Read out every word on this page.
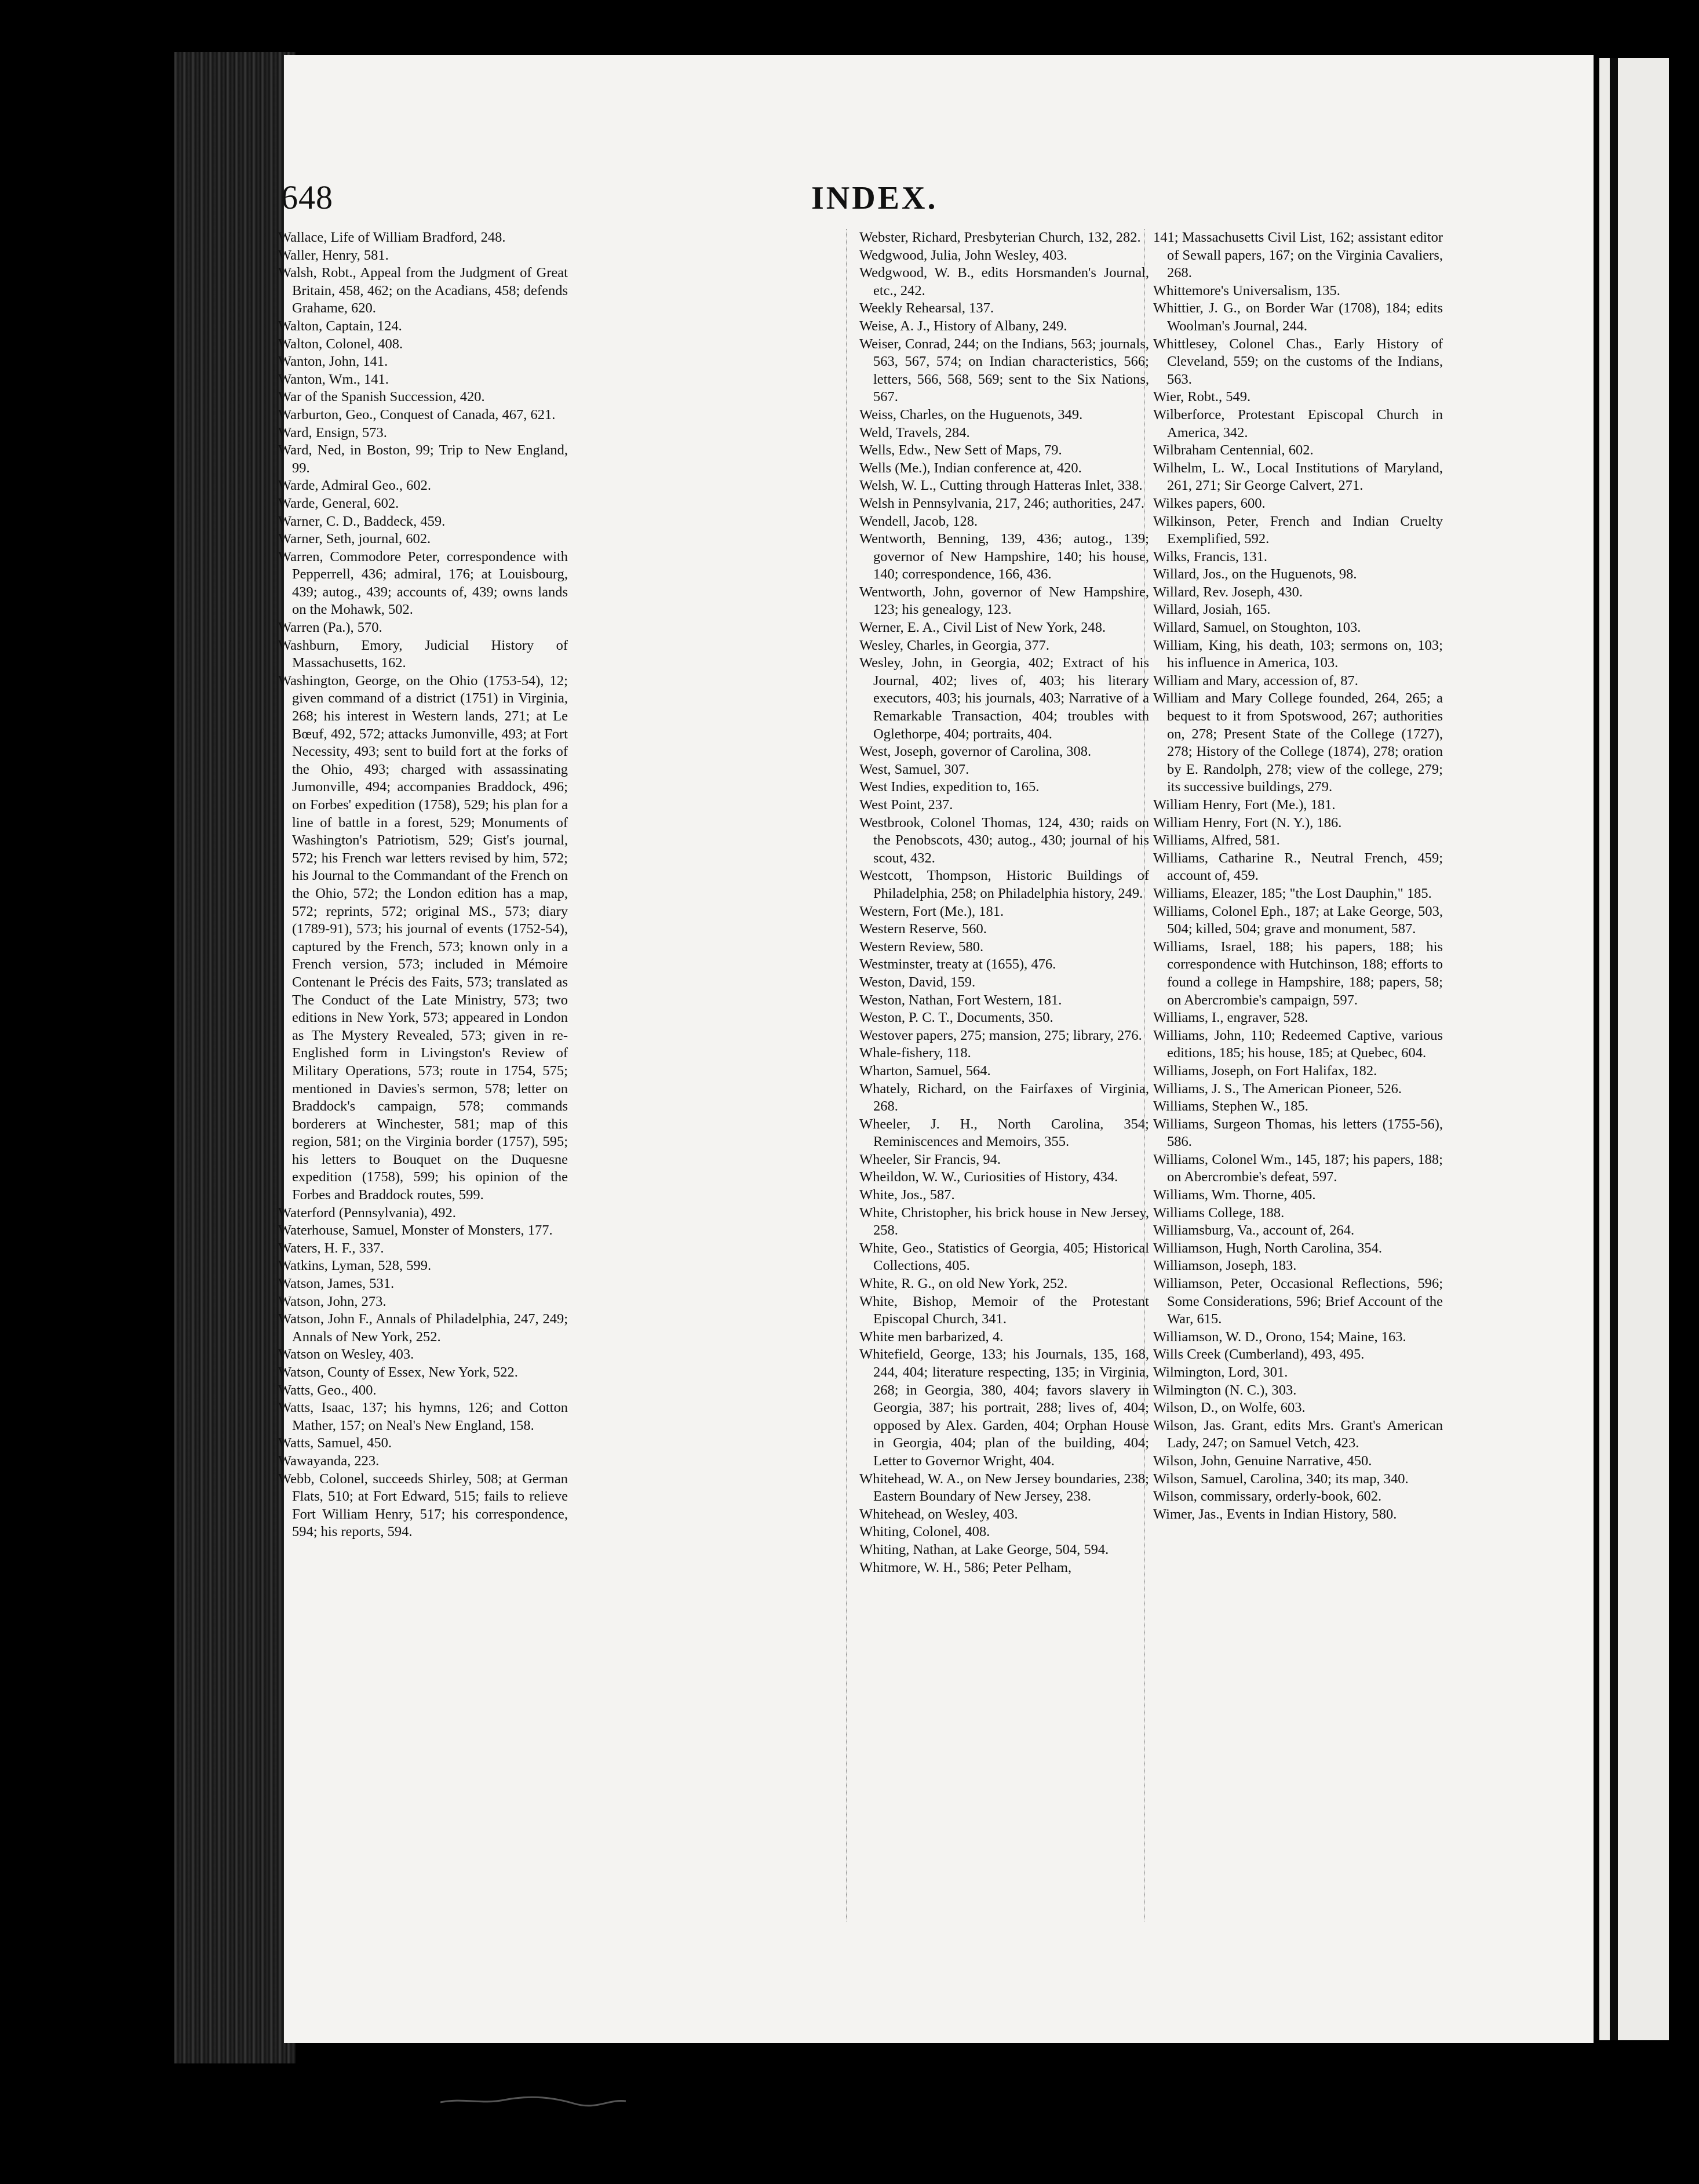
648	INDEX.

Wallace, Life of William Bradford, 248.

Waller, Henry, 581.

Walsh, Robt., Appeal from the Judgment of Great Britain, 458, 462; on the Acadians, 458; defends Grahame, 620.

Walton, Captain, 124.

Walton, Colonel, 408.

Wanton, John, 141.

Wanton, Wm., 141.

War of the Spanish Succession, 420.

Warburton, Geo., Conquest of Canada, 467, 621.

Ward, Ensign, 573.

Ward, Ned, in Boston, 99; Trip to New England, 99.

Warde, Admiral Geo., 602.

Warde, General, 602.

Warner, C. D., Baddeck, 459.

Warner, Seth, journal, 602.

Warren, Commodore Peter, correspondence with Pepperrell, 436; admiral, 176; at Louisbourg, 439; autog., 439; accounts of, 439; owns lands on the Mohawk, 502.

Warren (Pa.), 570.

Washburn, Emory, Judicial History of Massachusetts, 162.

Washington, George, on the Ohio (1753-54), 12; given command of a district (1751) in Virginia, 268; his interest in Western lands, 271; at Le Bœuf, 492, 572; attacks Jumonville, 493; at Fort Necessity, 493; sent to build fort at the forks of the Ohio, 493; charged with assassinating Jumonville, 494; accompanies Braddock, 496; on Forbes' expedition (1758), 529; his plan for a line of battle in a forest, 529; Monuments of Washington's Patriotism, 529; Gist's journal, 572; his French war letters revised by him, 572; his Journal to the Commandant of the French on the Ohio, 572; the London edition has a map, 572; reprints, 572; original MS., 573; diary (1789-91), 573; his journal of events (1752-54), captured by the French, 573; known only in a French version, 573; included in Mémoire Contenant le Précis des Faits, 573; translated as The Conduct of the Late Ministry, 573; two editions in New York, 573; appeared in London as The Mystery Revealed, 573; given in re-Englished form in Livingston's Review of Military Operations, 573; route in 1754, 575; mentioned in Davies's sermon, 578; letter on Braddock's campaign, 578; commands borderers at Winchester, 581; map of this region, 581; on the Virginia border (1757), 595; his letters to Bouquet on the Duquesne expedition (1758), 599; his opinion of the Forbes and Braddock routes, 599.

Waterford (Pennsylvania), 492.

Waterhouse, Samuel, Monster of Monsters, 177.

Waters, H. F., 337.

Watkins, Lyman, 528, 599.

Watson, James, 531.

Watson, John, 273.

Watson, John F., Annals of Philadelphia, 247, 249; Annals of New York, 252.

Watson on Wesley, 403.

Watson, County of Essex, New York, 522.

Watts, Geo., 400.

Watts, Isaac, 137; his hymns, 126; and Cotton Mather, 157; on Neal's New England, 158.

Watts, Samuel, 450.

Wawayanda, 223.

Webb, Colonel, succeeds Shirley, 508; at German Flats, 510; at Fort Edward, 515; fails to relieve Fort William Henry, 517; his correspondence, 594; his reports, 594.

Webster, Richard, Presbyterian Church, 132, 282.

Wedgwood, Julia, John Wesley, 403.

Wedgwood, W. B., edits Horsmanden's Journal, etc., 242.

Weekly Rehearsal, 137.

Weise, A. J., History of Albany, 249.

Weiser, Conrad, 244; on the Indians, 563; journals, 563, 567, 574; on Indian characteristics, 566; letters, 566, 568, 569; sent to the Six Nations, 567.

Weiss, Charles, on the Huguenots, 349.

Weld, Travels, 284.

Wells, Edw., New Sett of Maps, 79.

Wells (Me.), Indian conference at, 420.

Welsh, W. L., Cutting through Hatteras Inlet, 338.

Welsh in Pennsylvania, 217, 246; authorities, 247.

Wendell, Jacob, 128.

Wentworth, Benning, 139, 436; autog., 139; governor of New Hampshire, 140; his house, 140; correspondence, 166, 436.

Wentworth, John, governor of New Hampshire, 123; his genealogy, 123.

Werner, E. A., Civil List of New York, 248.

Wesley, Charles, in Georgia, 377.

Wesley, John, in Georgia, 402; Extract of his Journal, 402; lives of, 403; his literary executors, 403; his journals, 403; Narrative of a Remarkable Transaction, 404; troubles with Oglethorpe, 404; portraits, 404.

West, Joseph, governor of Carolina, 308.

West, Samuel, 307.

West Indies, expedition to, 165.

West Point, 237.

Westbrook, Colonel Thomas, 124, 430; raids on the Penobscots, 430; autog., 430; journal of his scout, 432.

Westcott, Thompson, Historic Buildings of Philadelphia, 258; on Philadelphia history, 249.

Western, Fort (Me.), 181.

Western Reserve, 560.

Western Review, 580.

Westminster, treaty at (1655), 476.

Weston, David, 159.

Weston, Nathan, Fort Western, 181.

Weston, P. C. T., Documents, 350.

Westover papers, 275; mansion, 275; library, 276.

Whale-fishery, 118.

Wharton, Samuel, 564.

Whately, Richard, on the Fairfaxes of Virginia, 268.

Wheeler, J. H., North Carolina, 354; Reminiscences and Memoirs, 355.

Wheeler, Sir Francis, 94.

Wheildon, W. W., Curiosities of History, 434.

White, Jos., 587.

White, Christopher, his brick house in New Jersey, 258.

White, Geo., Statistics of Georgia, 405; Historical Collections, 405.

White, R. G., on old New York, 252.

White, Bishop, Memoir of the Protestant Episcopal Church, 341.

White men barbarized, 4.

Whitefield, George, 133; his Journals, 135, 168, 244, 404; literature respecting, 135; in Virginia, 268; in Georgia, 380, 404; favors slavery in Georgia, 387; his portrait, 288; lives of, 404; opposed by Alex. Garden, 404; Orphan House in Georgia, 404; plan of the building, 404; Letter to Governor Wright, 404.

Whitehead, W. A., on New Jersey boundaries, 238; Eastern Boundary of New Jersey, 238.

Whitehead, on Wesley, 403.

Whiting, Colonel, 408.

Whiting, Nathan, at Lake George, 504, 594.

Whitmore, W. H., 586; Peter Pelham,

141; Massachusetts Civil List, 162; assistant editor of Sewall papers, 167; on the Virginia Cavaliers, 268.

Whittemore's Universalism, 135.

Whittier, J. G., on Border War (1708), 184; edits Woolman's Journal, 244.

Whittlesey, Colonel Chas., Early History of Cleveland, 559; on the customs of the Indians, 563.

Wier, Robt., 549.

Wilberforce, Protestant Episcopal Church in America, 342.

Wilbraham Centennial, 602.

Wilhelm, L. W., Local Institutions of Maryland, 261, 271; Sir George Calvert, 271.

Wilkes papers, 600.

Wilkinson, Peter, French and Indian Cruelty Exemplified, 592.

Wilks, Francis, 131.

Willard, Jos., on the Huguenots, 98.

Willard, Rev. Joseph, 430.

Willard, Josiah, 165.

Willard, Samuel, on Stoughton, 103.

William, King, his death, 103; sermons on, 103; his influence in America, 103.

William and Mary, accession of, 87.

William and Mary College founded, 264, 265; a bequest to it from Spotswood, 267; authorities on, 278; Present State of the College (1727), 278; History of the College (1874), 278; oration by E. Randolph, 278; view of the college, 279; its successive buildings, 279.

William Henry, Fort (Me.), 181.

William Henry, Fort (N. Y.), 186.

Williams, Alfred, 581.

Williams, Catharine R., Neutral French, 459; account of, 459.

Williams, Eleazer, 185; "the Lost Dauphin," 185.

Williams, Colonel Eph., 187; at Lake George, 503, 504; killed, 504; grave and monument, 587.

Williams, Israel, 188; his papers, 188; his correspondence with Hutchinson, 188; efforts to found a college in Hampshire, 188; papers, 58; on Abercrombie's campaign, 597.

Williams, I., engraver, 528.

Williams, John, 110; Redeemed Captive, various editions, 185; his house, 185; at Quebec, 604.

Williams, Joseph, on Fort Halifax, 182.

Williams, J. S., The American Pioneer, 526.

Williams, Stephen W., 185.

Williams, Surgeon Thomas, his letters (1755-56), 586.

Williams, Colonel Wm., 145, 187; his papers, 188; on Abercrombie's defeat, 597.

Williams, Wm. Thorne, 405.

Williams College, 188.

Williamsburg, Va., account of, 264.

Williamson, Hugh, North Carolina, 354.

Williamson, Joseph, 183.

Williamson, Peter, Occasional Reflections, 596; Some Considerations, 596; Brief Account of the War, 615.

Williamson, W. D., Orono, 154; Maine, 163.

Wills Creek (Cumberland), 493, 495.

Wilmington, Lord, 301.

Wilmington (N. C.), 303.

Wilson, D., on Wolfe, 603.

Wilson, Jas. Grant, edits Mrs. Grant's American Lady, 247; on Samuel Vetch, 423.

Wilson, John, Genuine Narrative, 450.

Wilson, Samuel, Carolina, 340; its map, 340.

Wilson, commissary, orderly-book, 602.

Wimer, Jas., Events in Indian History, 580.
